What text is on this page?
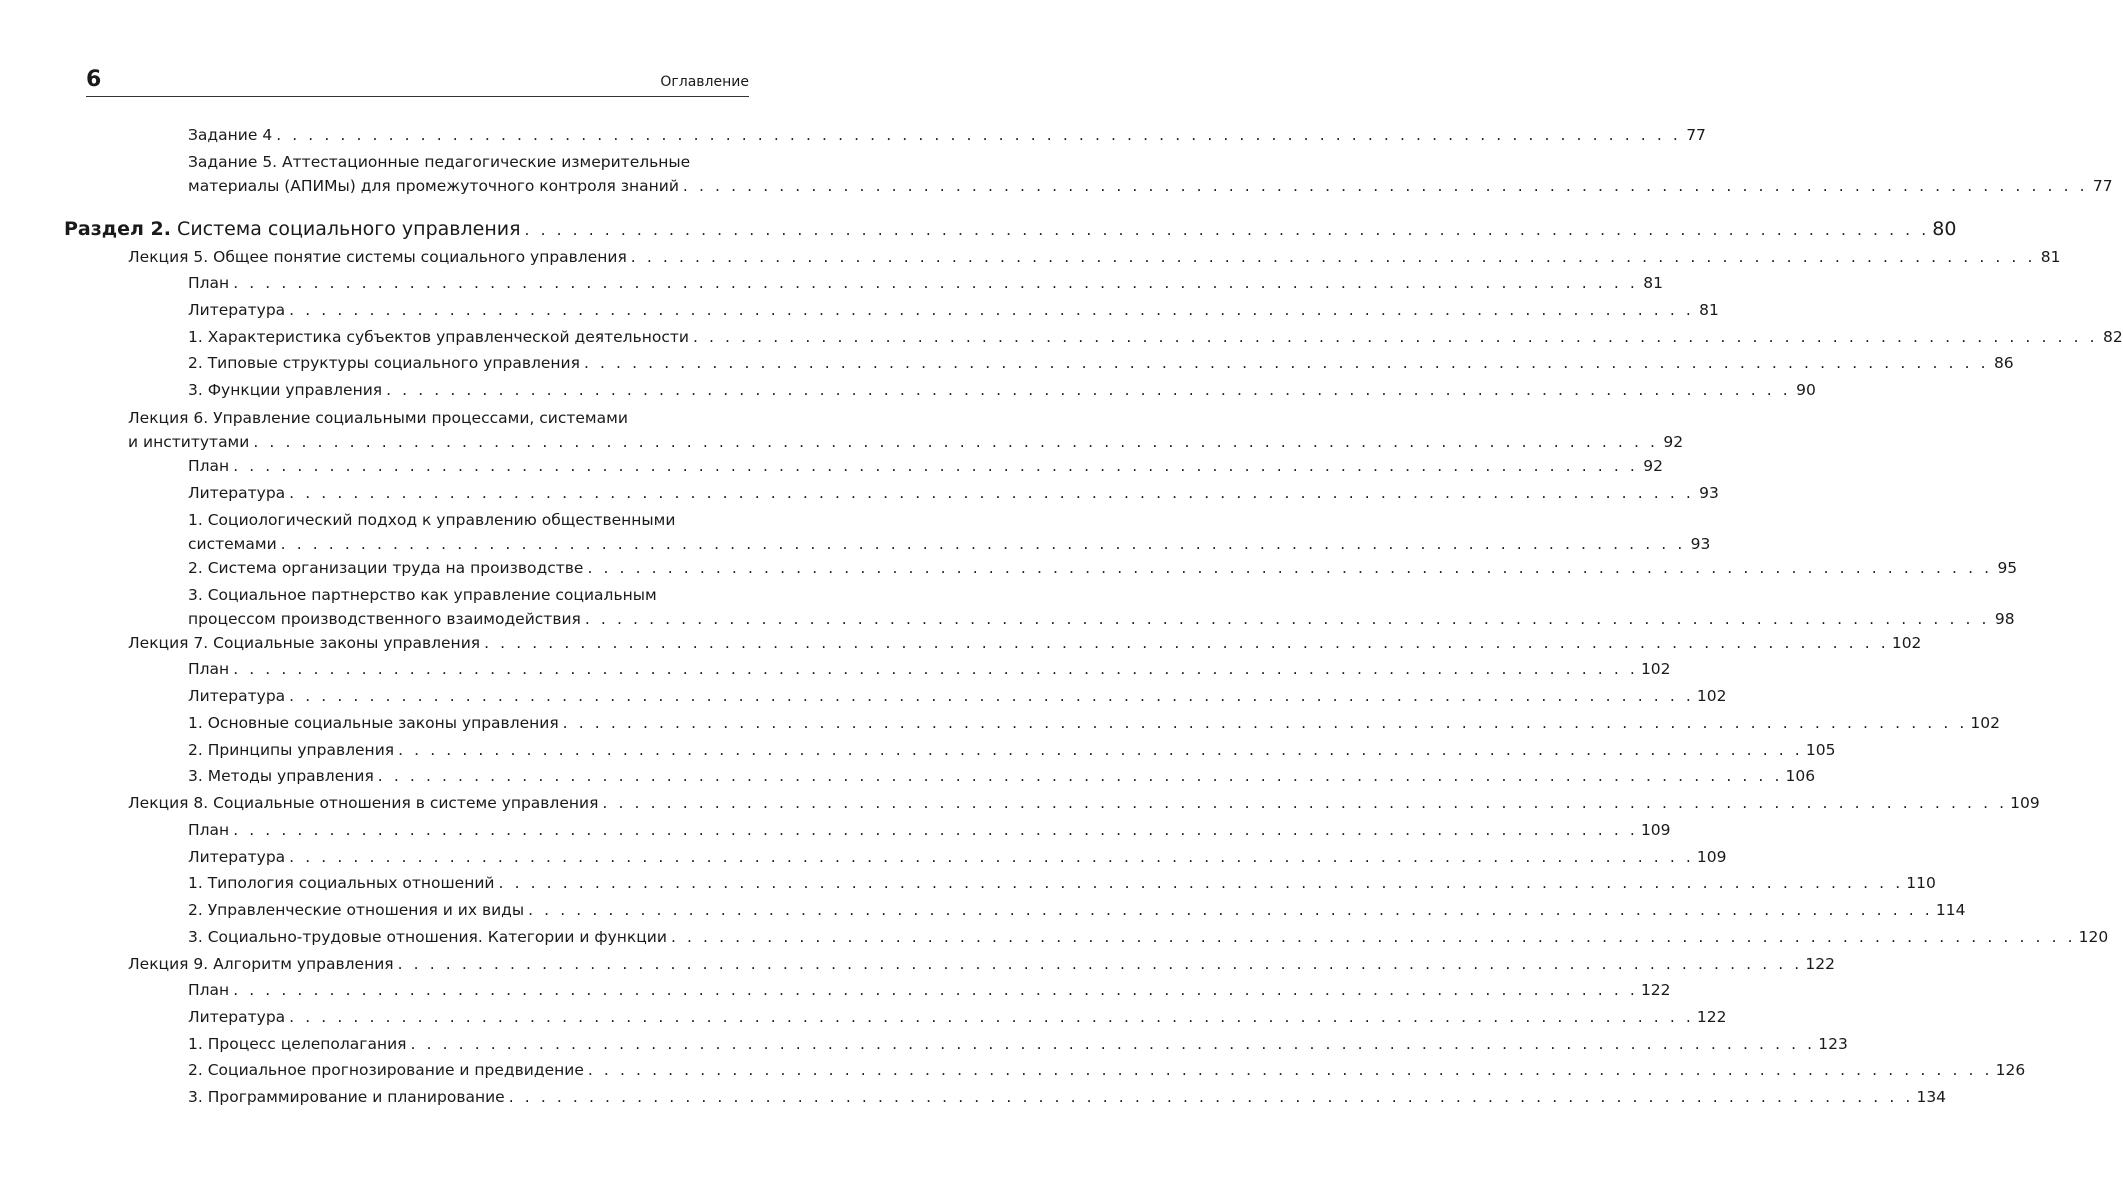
6	Оглавление
Задание 4 . . . . . . . . . . . . . . . . . . . . . . . . . . . . . . . . . . . . . . . . . . . . . . . . . . . . . . . . . . . . . . . . . . . . . . . . . . . . . . . . . . . . . . . . 77
Задание 5. Аттестационные педагогические измерительные
материалы (АПИМы) для промежуточного контроля знаний . . . . . . . . . . . . . . . . . . . . . . . . . . . . . . . . . . . . . . . . . . . . . . . . . . . . . . . . . . . . . . . . . . . . . . . . . . . . . . . . . . . . . . . . 77
Раздел 2. Система социального управления . . . . . . . . . . . . . . . . . . . . . . . . . . . . . . . . . . . . . . . . . . . . . . . . . . . . . . . . . . . . . . . . . . . . . . . . . . . . . . . . . . . . . . . . 80
Лекция 5. Общее понятие системы социального управления . . . . . . . . . . . . . . . . . . . . . . . . . . . . . . . . . . . . . . . . . . . . . . . . . . . . . . . . . . . . . . . . . . . . . . . . . . . . . . . . . . . . . . . . 81
План . . . . . . . . . . . . . . . . . . . . . . . . . . . . . . . . . . . . . . . . . . . . . . . . . . . . . . . . . . . . . . . . . . . . . . . . . . . . . . . . . . . . . . . . 81
Литература . . . . . . . . . . . . . . . . . . . . . . . . . . . . . . . . . . . . . . . . . . . . . . . . . . . . . . . . . . . . . . . . . . . . . . . . . . . . . . . . . . . . . . . . 81
1. Характеристика субъектов управленческой деятельности . . . . . . . . . . . . . . . . . . . . . . . . . . . . . . . . . . . . . . . . . . . . . . . . . . . . . . . . . . . . . . . . . . . . . . . . . . . . . . . . . . . . . . . . 82
2. Типовые структуры социального управления . . . . . . . . . . . . . . . . . . . . . . . . . . . . . . . . . . . . . . . . . . . . . . . . . . . . . . . . . . . . . . . . . . . . . . . . . . . . . . . . . . . . . . . . 86
3. Функции управления . . . . . . . . . . . . . . . . . . . . . . . . . . . . . . . . . . . . . . . . . . . . . . . . . . . . . . . . . . . . . . . . . . . . . . . . . . . . . . . . . . . . . . . . 90
Лекция 6. Управление социальными процессами, системами
и институтами . . . . . . . . . . . . . . . . . . . . . . . . . . . . . . . . . . . . . . . . . . . . . . . . . . . . . . . . . . . . . . . . . . . . . . . . . . . . . . . . . . . . . . . . 92
План . . . . . . . . . . . . . . . . . . . . . . . . . . . . . . . . . . . . . . . . . . . . . . . . . . . . . . . . . . . . . . . . . . . . . . . . . . . . . . . . . . . . . . . . 92
Литература . . . . . . . . . . . . . . . . . . . . . . . . . . . . . . . . . . . . . . . . . . . . . . . . . . . . . . . . . . . . . . . . . . . . . . . . . . . . . . . . . . . . . . . . 93
1. Социологический подход к управлению общественными
системами . . . . . . . . . . . . . . . . . . . . . . . . . . . . . . . . . . . . . . . . . . . . . . . . . . . . . . . . . . . . . . . . . . . . . . . . . . . . . . . . . . . . . . . . 93
2. Система организации труда на производстве . . . . . . . . . . . . . . . . . . . . . . . . . . . . . . . . . . . . . . . . . . . . . . . . . . . . . . . . . . . . . . . . . . . . . . . . . . . . . . . . . . . . . . . . 95
3. Социальное партнерство как управление социальным
процессом производственного взаимодействия . . . . . . . . . . . . . . . . . . . . . . . . . . . . . . . . . . . . . . . . . . . . . . . . . . . . . . . . . . . . . . . . . . . . . . . . . . . . . . . . . . . . . . . . 98
Лекция 7. Социальные законы управления . . . . . . . . . . . . . . . . . . . . . . . . . . . . . . . . . . . . . . . . . . . . . . . . . . . . . . . . . . . . . . . . . . . . . . . . . . . . . . . . . . . . . . . . 102
План . . . . . . . . . . . . . . . . . . . . . . . . . . . . . . . . . . . . . . . . . . . . . . . . . . . . . . . . . . . . . . . . . . . . . . . . . . . . . . . . . . . . . . . . 102
Литература . . . . . . . . . . . . . . . . . . . . . . . . . . . . . . . . . . . . . . . . . . . . . . . . . . . . . . . . . . . . . . . . . . . . . . . . . . . . . . . . . . . . . . . . 102
1. Основные социальные законы управления . . . . . . . . . . . . . . . . . . . . . . . . . . . . . . . . . . . . . . . . . . . . . . . . . . . . . . . . . . . . . . . . . . . . . . . . . . . . . . . . . . . . . . . . 102
2. Принципы управления . . . . . . . . . . . . . . . . . . . . . . . . . . . . . . . . . . . . . . . . . . . . . . . . . . . . . . . . . . . . . . . . . . . . . . . . . . . . . . . . . . . . . . . . 105
3. Методы управления . . . . . . . . . . . . . . . . . . . . . . . . . . . . . . . . . . . . . . . . . . . . . . . . . . . . . . . . . . . . . . . . . . . . . . . . . . . . . . . . . . . . . . . . 106
Лекция 8. Социальные отношения в системе управления . . . . . . . . . . . . . . . . . . . . . . . . . . . . . . . . . . . . . . . . . . . . . . . . . . . . . . . . . . . . . . . . . . . . . . . . . . . . . . . . . . . . . . . . 109
План . . . . . . . . . . . . . . . . . . . . . . . . . . . . . . . . . . . . . . . . . . . . . . . . . . . . . . . . . . . . . . . . . . . . . . . . . . . . . . . . . . . . . . . . 109
Литература . . . . . . . . . . . . . . . . . . . . . . . . . . . . . . . . . . . . . . . . . . . . . . . . . . . . . . . . . . . . . . . . . . . . . . . . . . . . . . . . . . . . . . . . 109
1. Типология социальных отношений . . . . . . . . . . . . . . . . . . . . . . . . . . . . . . . . . . . . . . . . . . . . . . . . . . . . . . . . . . . . . . . . . . . . . . . . . . . . . . . . . . . . . . . . 110
2. Управленческие отношения и их виды . . . . . . . . . . . . . . . . . . . . . . . . . . . . . . . . . . . . . . . . . . . . . . . . . . . . . . . . . . . . . . . . . . . . . . . . . . . . . . . . . . . . . . . . 114
3. Социально-трудовые отношения. Категории и функции . . . . . . . . . . . . . . . . . . . . . . . . . . . . . . . . . . . . . . . . . . . . . . . . . . . . . . . . . . . . . . . . . . . . . . . . . . . . . . . . . . . . . . . . 120
Лекция 9. Алгоритм управления . . . . . . . . . . . . . . . . . . . . . . . . . . . . . . . . . . . . . . . . . . . . . . . . . . . . . . . . . . . . . . . . . . . . . . . . . . . . . . . . . . . . . . . . 122
План . . . . . . . . . . . . . . . . . . . . . . . . . . . . . . . . . . . . . . . . . . . . . . . . . . . . . . . . . . . . . . . . . . . . . . . . . . . . . . . . . . . . . . . . 122
Литература . . . . . . . . . . . . . . . . . . . . . . . . . . . . . . . . . . . . . . . . . . . . . . . . . . . . . . . . . . . . . . . . . . . . . . . . . . . . . . . . . . . . . . . . 122
1. Процесс целеполагания . . . . . . . . . . . . . . . . . . . . . . . . . . . . . . . . . . . . . . . . . . . . . . . . . . . . . . . . . . . . . . . . . . . . . . . . . . . . . . . . . . . . . . . . 123
2. Социальное прогнозирование и предвидение . . . . . . . . . . . . . . . . . . . . . . . . . . . . . . . . . . . . . . . . . . . . . . . . . . . . . . . . . . . . . . . . . . . . . . . . . . . . . . . . . . . . . . . . 126
3. Программирование и планирование . . . . . . . . . . . . . . . . . . . . . . . . . . . . . . . . . . . . . . . . . . . . . . . . . . . . . . . . . . . . . . . . . . . . . . . . . . . . . . . . . . . . . . . . 134
